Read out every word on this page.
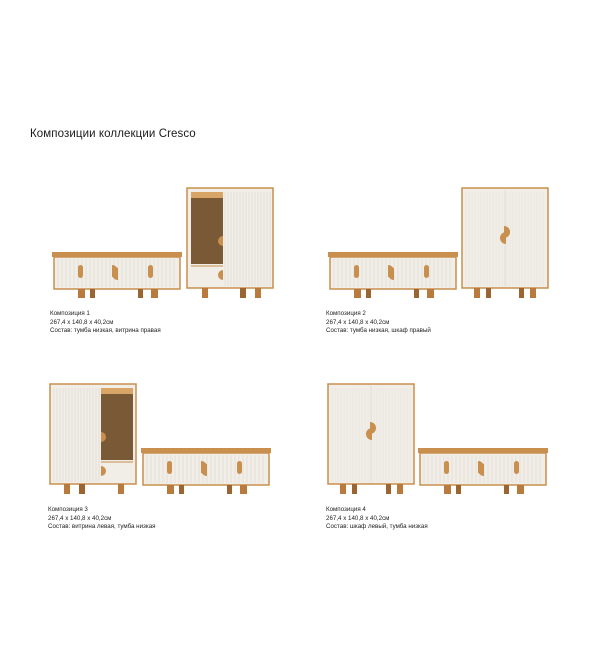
Композиции коллекции Cresco
Композиция 1
267,4 х 140,8 х 40,2см
Состав: тумба низкая, витрина правая
Композиция 2
267,4 х 140,8 х 40,2см
Состав: тумба низкая, шкаф правый
Композиция 3
267,4 х 140,8 х 40,2см
Состав: витрина левая, тумба низкая
Композиция 4
267,4 х 140,8 х 40,2см
Состав: шкаф левый, тумба низкая
